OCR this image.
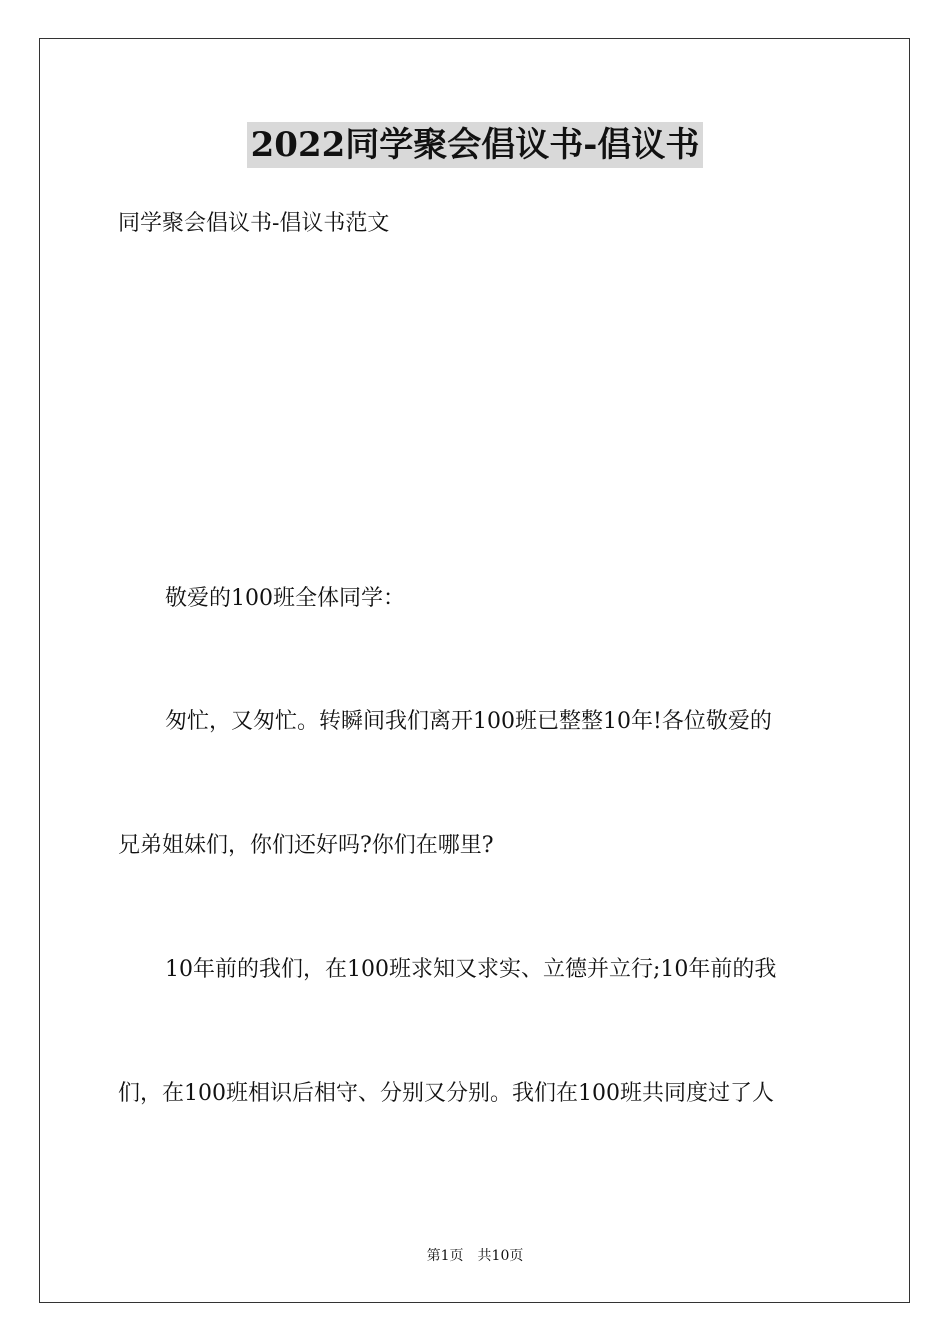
2022同学聚会倡议书-倡议书
同学聚会倡议书-倡议书范文
敬爱的100班全体同学：
匆忙，又匆忙。转瞬间我们离开100班已整整10年!各位敬爱的
兄弟姐妹们，你们还好吗?你们在哪里?
10年前的我们，在100班求知又求实、立德并立行;10年前的我
们，在100班相识后相守、分别又分别。我们在100班共同度过了人
第1页 共10页
